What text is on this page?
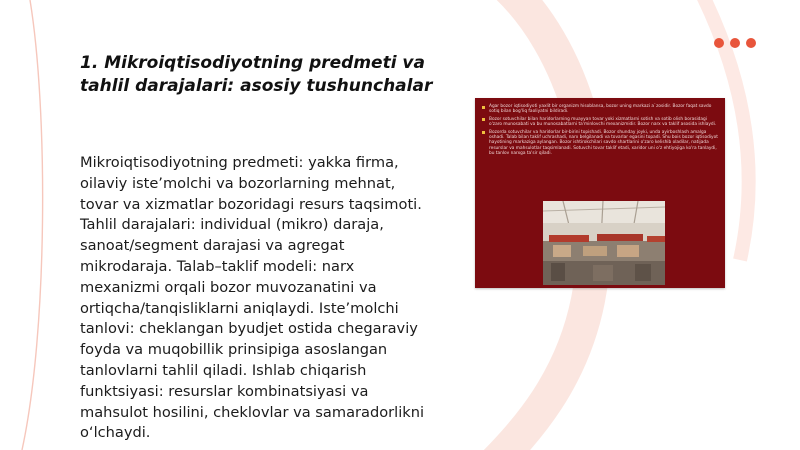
1. Mikroiqtisodiyotning predmeti va tahlil darajalari: asosiy tushunchalar

Mikroiqtisodiyotning predmeti: yakka firma, oilaviy iste’molchi va bozorlarning mehnat, tovar va xizmatlar bozoridagi resurs taqsimoti. Tahlil darajalari: individual (mikro) daraja, sanoat/segment darajasi va agregat mikrodaraja. Talab–taklif modeli: narx mexanizmi orqali bozor muvozanatini va ortiqcha/tanqisliklarni aniqlaydi. Iste’molchi tanlovi: cheklangan byudjet ostida chegaraviy foyda va muqobillik prinsipiga asoslangan tanlovlarni tahlil qiladi. Ishlab chiqarish funktsiyasi: resurslar kombinatsiyasi va mahsulot hosilini, cheklovlar va samaradorlikni o‘lchaydi.

Agar bozor iqtisodiyoti yaxlit bir organizm hisoblansa, bozor uning markazi a`zosidir. Bozor faqat savdo sotiq bilan bog'liq faoliyatni bildiradi.
Bozor sotuvchilar bilan haridorlarning muayyan tovar yoki xizmatlarni sotish va sotib olish borasidagi o'zaro munosabati va bu munosabatlarni ta'minlovchi mexanizmidir. Bozor narx va taklif asosida ishlaydi.
Bozorda sotuvchilar va haridorlar bir-birini topishadi. Bozor shunday joyki, unda ayirboshlash amalga oshadi. Talab bilan taklif uchrashadi, narx belgilanadi va tovarlar egasini topadi. Shu bois bozor iqtisodiyot hayotining markaziga aylangan. Bozor ishtirokchilari savdo shartlarini o'zaro kelishib oladilar, natijada resurslar va mahsulotlar taqsimlanadi. Sotuvchi tovar taklif etadi, xaridor uni o'z ehtiyojiga ko'ra tanlaydi, bu tanlov narxga ta'sir qiladi.
